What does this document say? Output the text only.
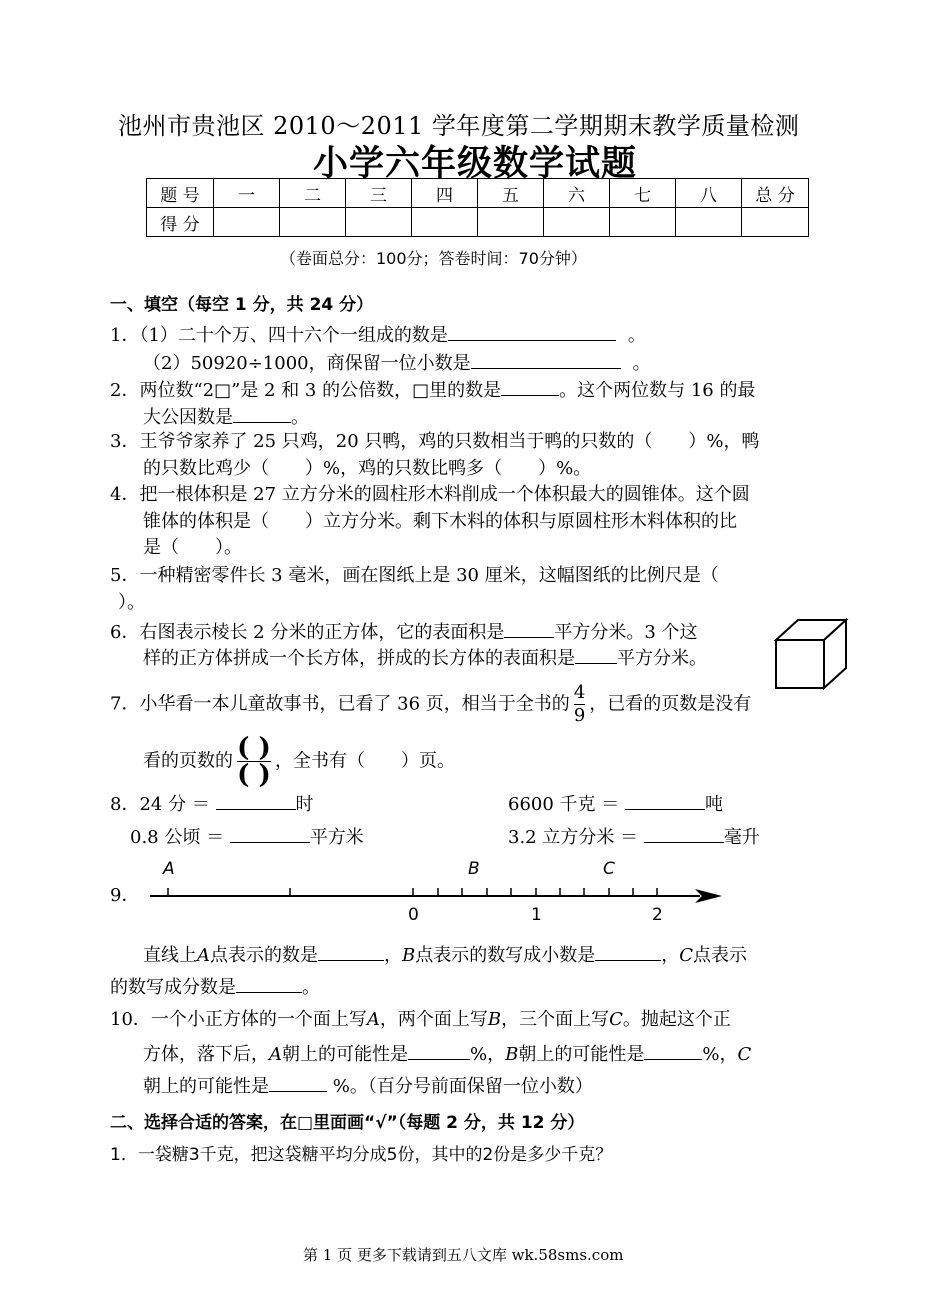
池州市贵池区 2010～2011 学年度第二学期期末教学质量检测
小学六年级数学试题
题 号	一	二	三	四	五	六	七	八	总 分
得 分									
（卷面总分：100分；答卷时间：70分钟）
一、填空（每空 1 分，共 24 分）
1．（1）二十个万、四十六个一组成的数是	。
（2）50920÷1000，商保留一位小数是	。
2．两位数“2□”是 2 和 3 的公倍数，□里的数是	。这个两位数与 16 的最
大公因数是	。
3．王爷爷家养了 25 只鸡，20 只鸭，鸡的只数相当于鸭的只数的（　　）%，鸭
的只数比鸡少（　　）%，鸡的只数比鸭多（　　）%。
4．把一根体积是 27 立方分米的圆柱形木料削成一个体积最大的圆锥体。这个圆
锥体的体积是（　　）立方分米。剩下木料的体积与原圆柱形木料体积的比
是（　　）。
5．一种精密零件长 3 毫米，画在图纸上是 30 厘米，这幅图纸的比例尺是（
）。
6．右图表示棱长 2 分米的正方体，它的表面积是	平方分米。3 个这
样的正方体拼成一个长方体，拼成的长方体的表面积是 平方分米。
7．小华看一本儿童故事书，已看了 36 页，相当于全书的 $\frac{4}{9}$ ，已看的页数是没有
看的页数的 $\frac{( )}{( )}$ ，全书有（　　）页。
8．24 分 ＝	时	6600 千克 ＝	吨
0.8 公顷 ＝	平方米	3.2 立方分米 ＝	毫升
9．
A	B	C
0	1	2
直线上A点表示的数是	，B点表示的数写成小数是	，C点表示
的数写成分数是	。
10．一个小正方体的一个面上写A，两个面上写B，三个面上写C。抛起这个正
方体，落下后，A朝上的可能性是	%，B朝上的可能性是	%，C
朝上的可能性是	%。（百分号前面保留一位小数）
二、选择合适的答案，在□里面画“√”（每题 2 分，共 12 分）
1．一袋糖3千克，把这袋糖平均分成5份，其中的2份是多少千克？
第 1 页 更多下载请到五八文库 wk.58sms.com
